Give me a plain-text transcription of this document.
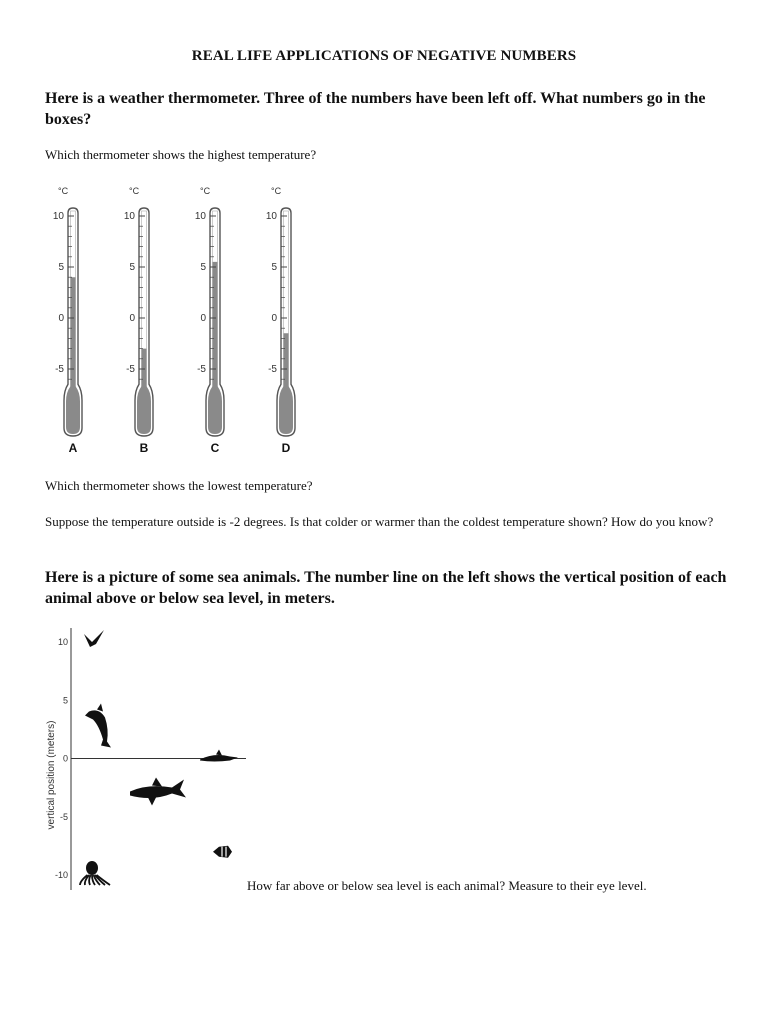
REAL LIFE APPLICATIONS OF NEGATIVE NUMBERS
Here is a weather thermometer. Three of the numbers have been left off. What numbers go in the boxes?
Which thermometer shows the highest temperature?
°C
10
5
0
-5
A
°C
10
5
0
-5
B
°C
10
5
0
-5
C
°C
10
5
0
-5
D
Which thermometer shows the lowest temperature?
Suppose the temperature outside is -2 degrees. Is that colder or warmer than the coldest temperature shown? How do you know?
Here is a picture of some sea animals. The number line on the left shows the vertical position of each animal above or below sea level, in meters.
vertical position (meters)
10
5
0
-5
-10
How far above or below sea level is each animal? Measure to their eye level.
